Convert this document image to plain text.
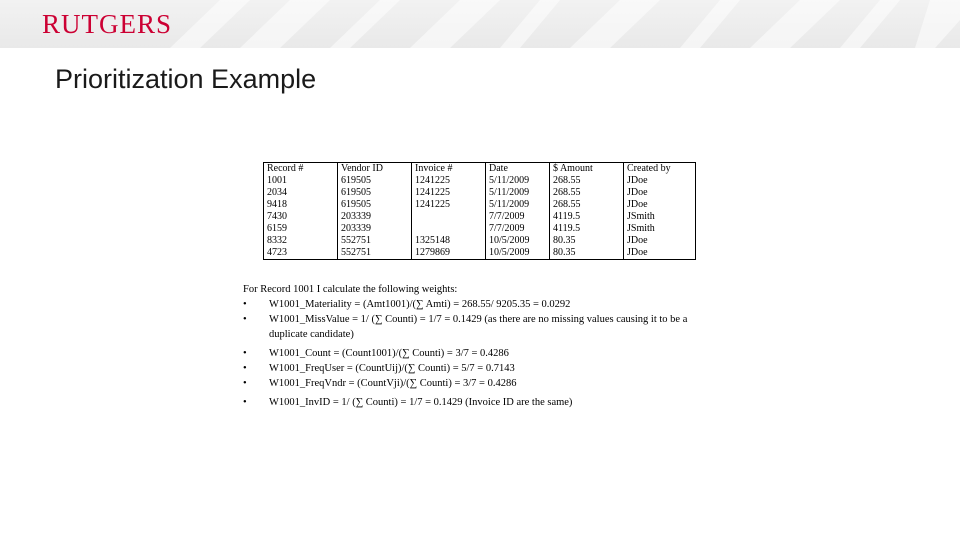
RUTGERS
Prioritization Example
Record #	Vendor ID	Invoice #	Date	$ Amount	Created by
1001	619505	1241225	5/11/2009	268.55	JDoe
2034	619505	1241225	5/11/2009	268.55	JDoe
9418	619505	1241225	5/11/2009	268.55	JDoe
7430	203339		7/7/2009	4119.5	JSmith
6159	203339		7/7/2009	4119.5	JSmith
8332	552751	1325148	10/5/2009	80.35	JDoe
4723	552751	1279869	10/5/2009	80.35	JDoe
For Record 1001 I calculate the following weights:
• W1001_Materiality = (Amt1001)/(∑ Amti) = 268.55/ 9205.35 = 0.0292
• W1001_MissValue = 1/ (∑ Counti) = 1/7 = 0.1429 (as there are no missing values causing it to be a duplicate candidate)
• W1001_Count = (Count1001)/(∑ Counti) = 3/7 = 0.4286
• W1001_FreqUser = (CountUij)/(∑ Counti) = 5/7 = 0.7143
• W1001_FreqVndr = (CountVji)/(∑ Counti) = 3/7 = 0.4286
• W1001_InvID = 1/ (∑ Counti) = 1/7 = 0.1429 (Invoice ID are the same)
